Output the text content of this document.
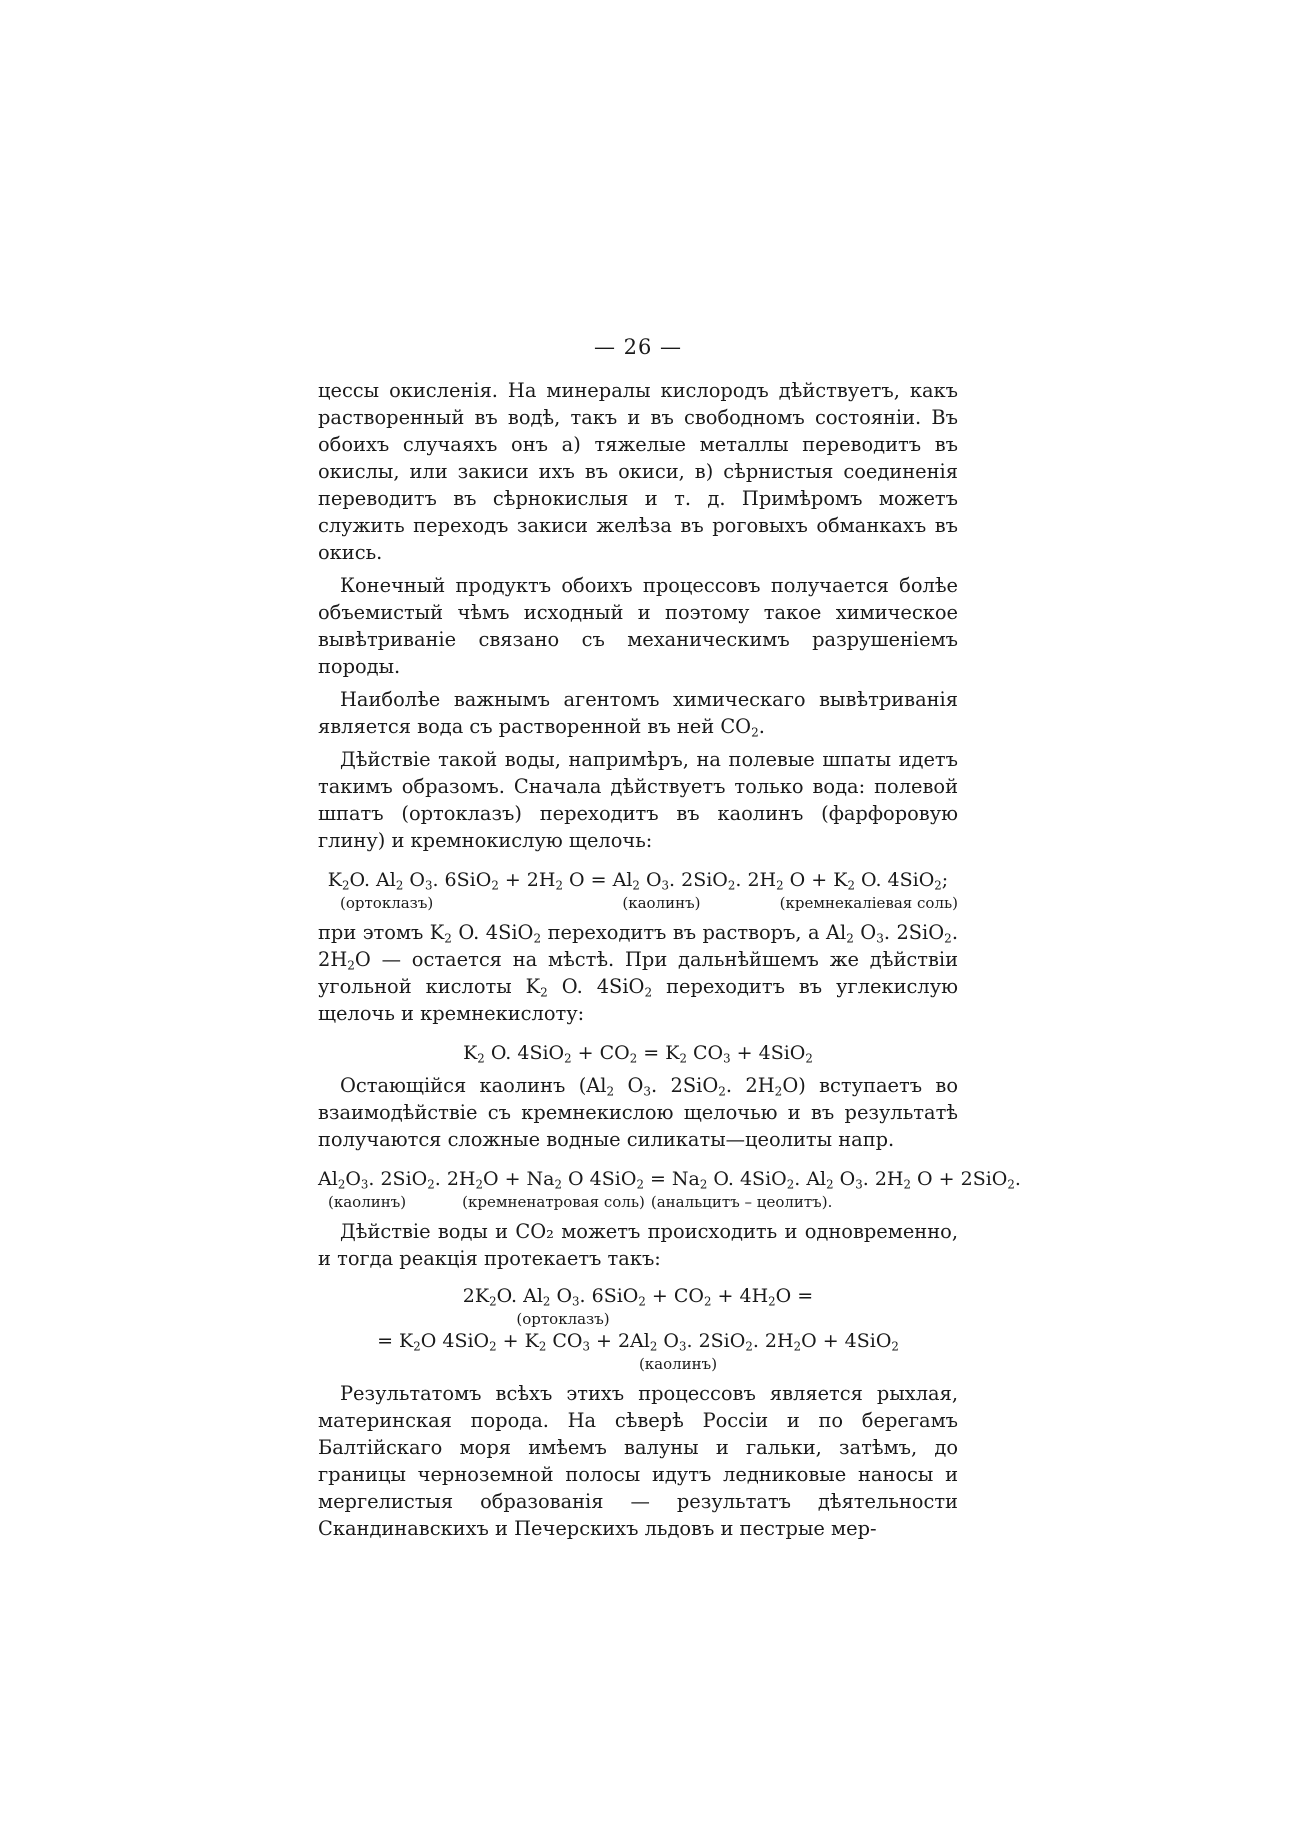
— 26 —

цессы окисленія. На минералы кислородъ дѣйствуетъ, какъ растворенный въ водѣ, такъ и въ свободномъ состояніи. Въ обоихъ случаяхъ онъ а) тяжелые металлы переводитъ въ окислы, или закиси ихъ въ окиси, в) сѣрнистыя соединенія переводитъ въ сѣрнокислыя и т. д. Примѣромъ можетъ служить переходъ закиси желѣза въ роговыхъ обманкахъ въ окись.

Конечный продуктъ обоихъ процессовъ получается болѣе объемистый чѣмъ исходный и поэтому такое химическое вывѣтриваніе связано съ механическимъ разрушеніемъ породы.

Наиболѣе важнымъ агентомъ химическаго вывѣтриванія является вода съ растворенной въ ней $CO_2$.

Дѣйствіе такой воды, напримѣръ, на полевые шпаты идетъ такимъ образомъ. Сначала дѣйствуетъ только вода: полевой шпатъ (ортоклазъ) переходитъ въ каолинъ (фарфоровую глину) и кремнокислую щелочь:

$K_2O$. $Al_2$ $O_3$. $6SiO_2 + 2H_2$ $O = Al_2$ $O_3$. 2SiO$_2$. $2H_2$ $O + K_2$ O. 4SiO$_2$;
(ортоклазъ)	(каолинъ)	(кремнекаліевая соль)

при этомъ $K_2$ O. 4SiO$_2$ переходитъ въ растворъ, а $Al_2$ $O_3$. 2SiO$_2$. $2H_2O$ — остается на мѣстѣ. При дальнѣйшемъ же дѣйствіи угольной кислоты $K_2$ O. 4SiO$_2$ переходитъ въ углекислую щелочь и кремнекислоту:

$K_2$ O. $4SiO_2 + CO_2 = K_2$ $CO_3 + 4SiO_2$

Остающійся каолинъ ($Al_2$ $O_3$. 2SiO$_2$. $2H_2O$) вступаетъ во взаимодѣйствіе съ кремнекислою щелочью и въ результатѣ получаются сложные водные силикаты—цеолиты напр.

$Al_2O_3$. 2SiO$_2$. $2H_2O + Na_2$ O $4SiO_2 = Na_2$ O. 4SiO$_2$. $Al_2$ $O_3$. $2H_2$ O + 2SiO$_2$.
(каолинъ)	(кремненатровая соль) (анальцитъ – цеолитъ).

Дѣйствіе воды и CO₂ можетъ происходить и одновременно, и тогда реакція протекаетъ такъ:

$2K_2O$. $Al_2$ $O_3$. $6SiO_2 + CO_2 + 4H_2O$ =
(ортоклазъ)
= $K_2O$ $4SiO_2 + K_2$ $CO_3 + 2Al_2$ $O_3$. 2SiO$_2$. $2H_2O + 4SiO_2$
(каолинъ)

Результатомъ всѣхъ этихъ процессовъ является рыхлая, материнская порода. На сѣверѣ Россіи и по берегамъ Балтійскаго моря имѣемъ валуны и гальки, затѣмъ, до границы черноземной полосы идутъ ледниковые наносы и мергелистыя образованія — результатъ дѣятельности Скандинавскихъ и Печерскихъ льдовъ и пестрые мер-
